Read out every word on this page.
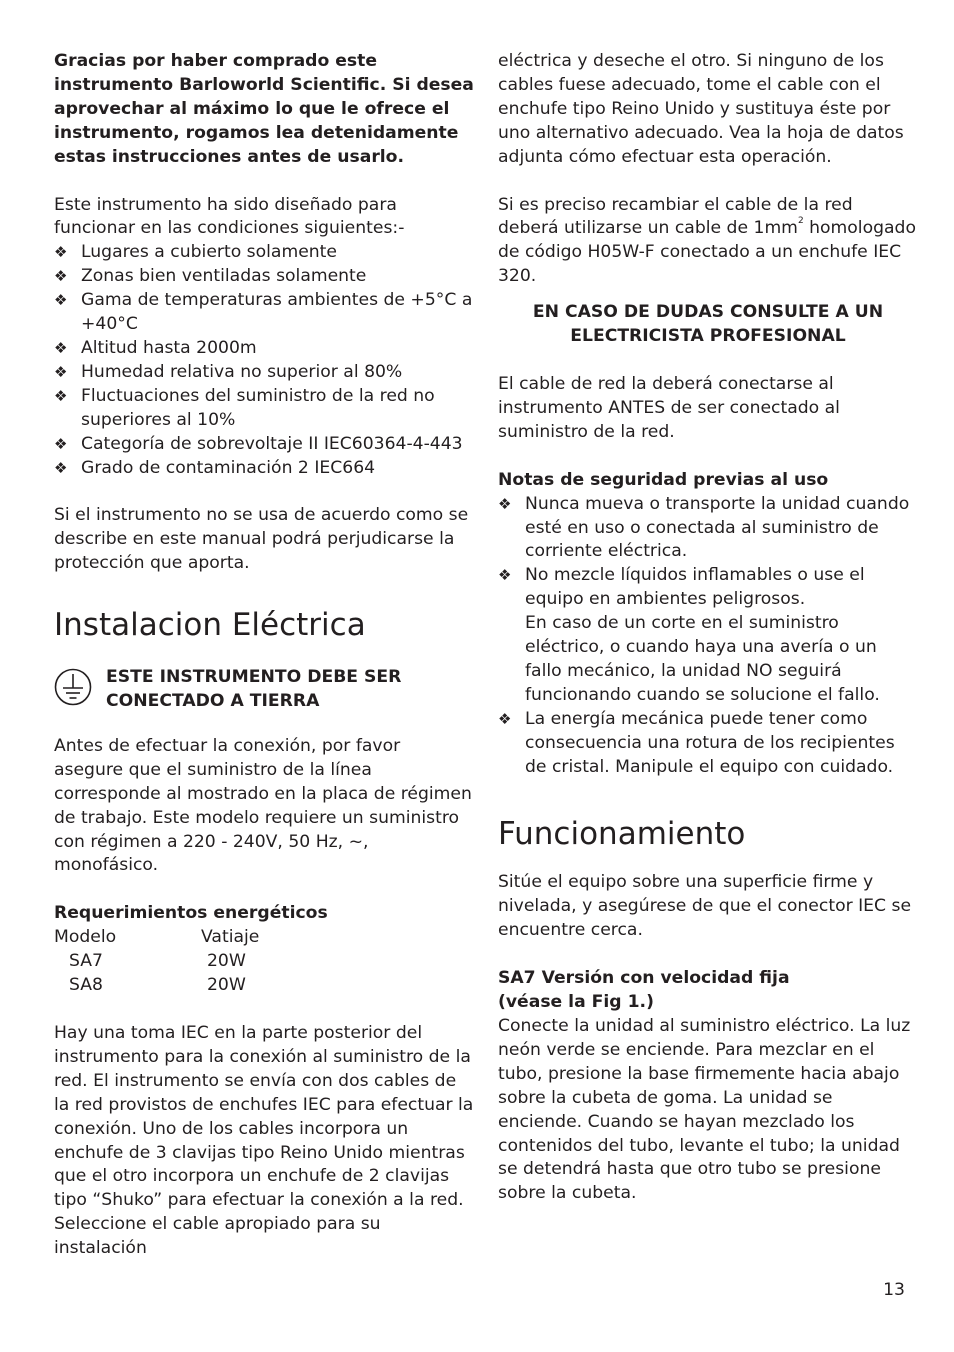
Gracias por haber comprado este instrumento Barloworld Scientific. Si desea aprovechar al máximo lo que le ofrece el instrumento, rogamos lea detenidamente estas instrucciones antes de usarlo.

Este instrumento ha sido diseñado para funcionar en las condiciones siguientes:-

❖ Lugares a cubierto solamente
❖ Zonas bien ventiladas solamente
❖ Gama de temperaturas ambientes de +5°C a +40°C
❖ Altitud hasta 2000m
❖ Humedad relativa no superior al 80%
❖ Fluctuaciones del suministro de la red no superiores al 10%
❖ Categoría de sobrevoltaje II IEC60364-4-443
❖ Grado de contaminación 2 IEC664

Si el instrumento no se usa de acuerdo como se describe en este manual podrá perjudicarse la protección que aporta.

Instalacion Eléctrica

ESTE INSTRUMENTO DEBE SER CONECTADO A TIERRA

Antes de efectuar la conexión, por favor asegure que el suministro de la línea corresponde al mostrado en la placa de régimen de trabajo. Este modelo requiere un suministro con régimen a 220 - 240V, 50 Hz, ~, monofásico.

Requerimientos energéticos

Modelo	Vatiaje
SA7	20W
SA8	20W

Hay una toma IEC en la parte posterior del instrumento para la conexión al suministro de la red. El instrumento se envía con dos cables de la red provistos de enchufes IEC para efectuar la conexión. Uno de los cables incorpora un enchufe de 3 clavijas tipo Reino Unido mientras que el otro incorpora un enchufe de 2 clavijas tipo “Shuko” para efectuar la conexión a la red. Seleccione el cable apropiado para su instalación

eléctrica y deseche el otro. Si ninguno de los cables fuese adecuado, tome el cable con el enchufe tipo Reino Unido y sustituya éste por uno alternativo adecuado. Vea la hoja de datos adjunta cómo efectuar esta operación.

Si es preciso recambiar el cable de la red deberá utilizarse un cable de $1mm^2$ homologado de código H05W-F conectado a un enchufe IEC 320.

EN CASO DE DUDAS CONSULTE A UN ELECTRICISTA PROFESIONAL

El cable de red la deberá conectarse al instrumento ANTES de ser conectado al suministro de la red.

Notas de seguridad previas al uso

❖ Nunca mueva o transporte la unidad cuando esté en uso o conectada al suministro de corriente eléctrica.
❖ No mezcle líquidos inflamables o use el equipo en ambientes peligrosos.
En caso de un corte en el suministro eléctrico, o cuando haya una avería o un fallo mecánico, la unidad NO seguirá funcionando cuando se solucione el fallo.
❖ La energía mecánica puede tener como consecuencia una rotura de los recipientes de cristal. Manipule el equipo con cuidado.
Funcionamiento

Sitúe el equipo sobre una superficie firme y nivelada, y asegúrese de que el conector IEC se encuentre cerca.

SA7 Versión con velocidad fija
(véase la Fig 1.)

Conecte la unidad al suministro eléctrico. La luz neón verde se enciende. Para mezclar en el tubo, presione la base firmemente hacia abajo sobre la cubeta de goma. La unidad se enciende. Cuando se hayan mezclado los contenidos del tubo, levante el tubo; la unidad se detendrá hasta que otro tubo se presione sobre la cubeta.

13
